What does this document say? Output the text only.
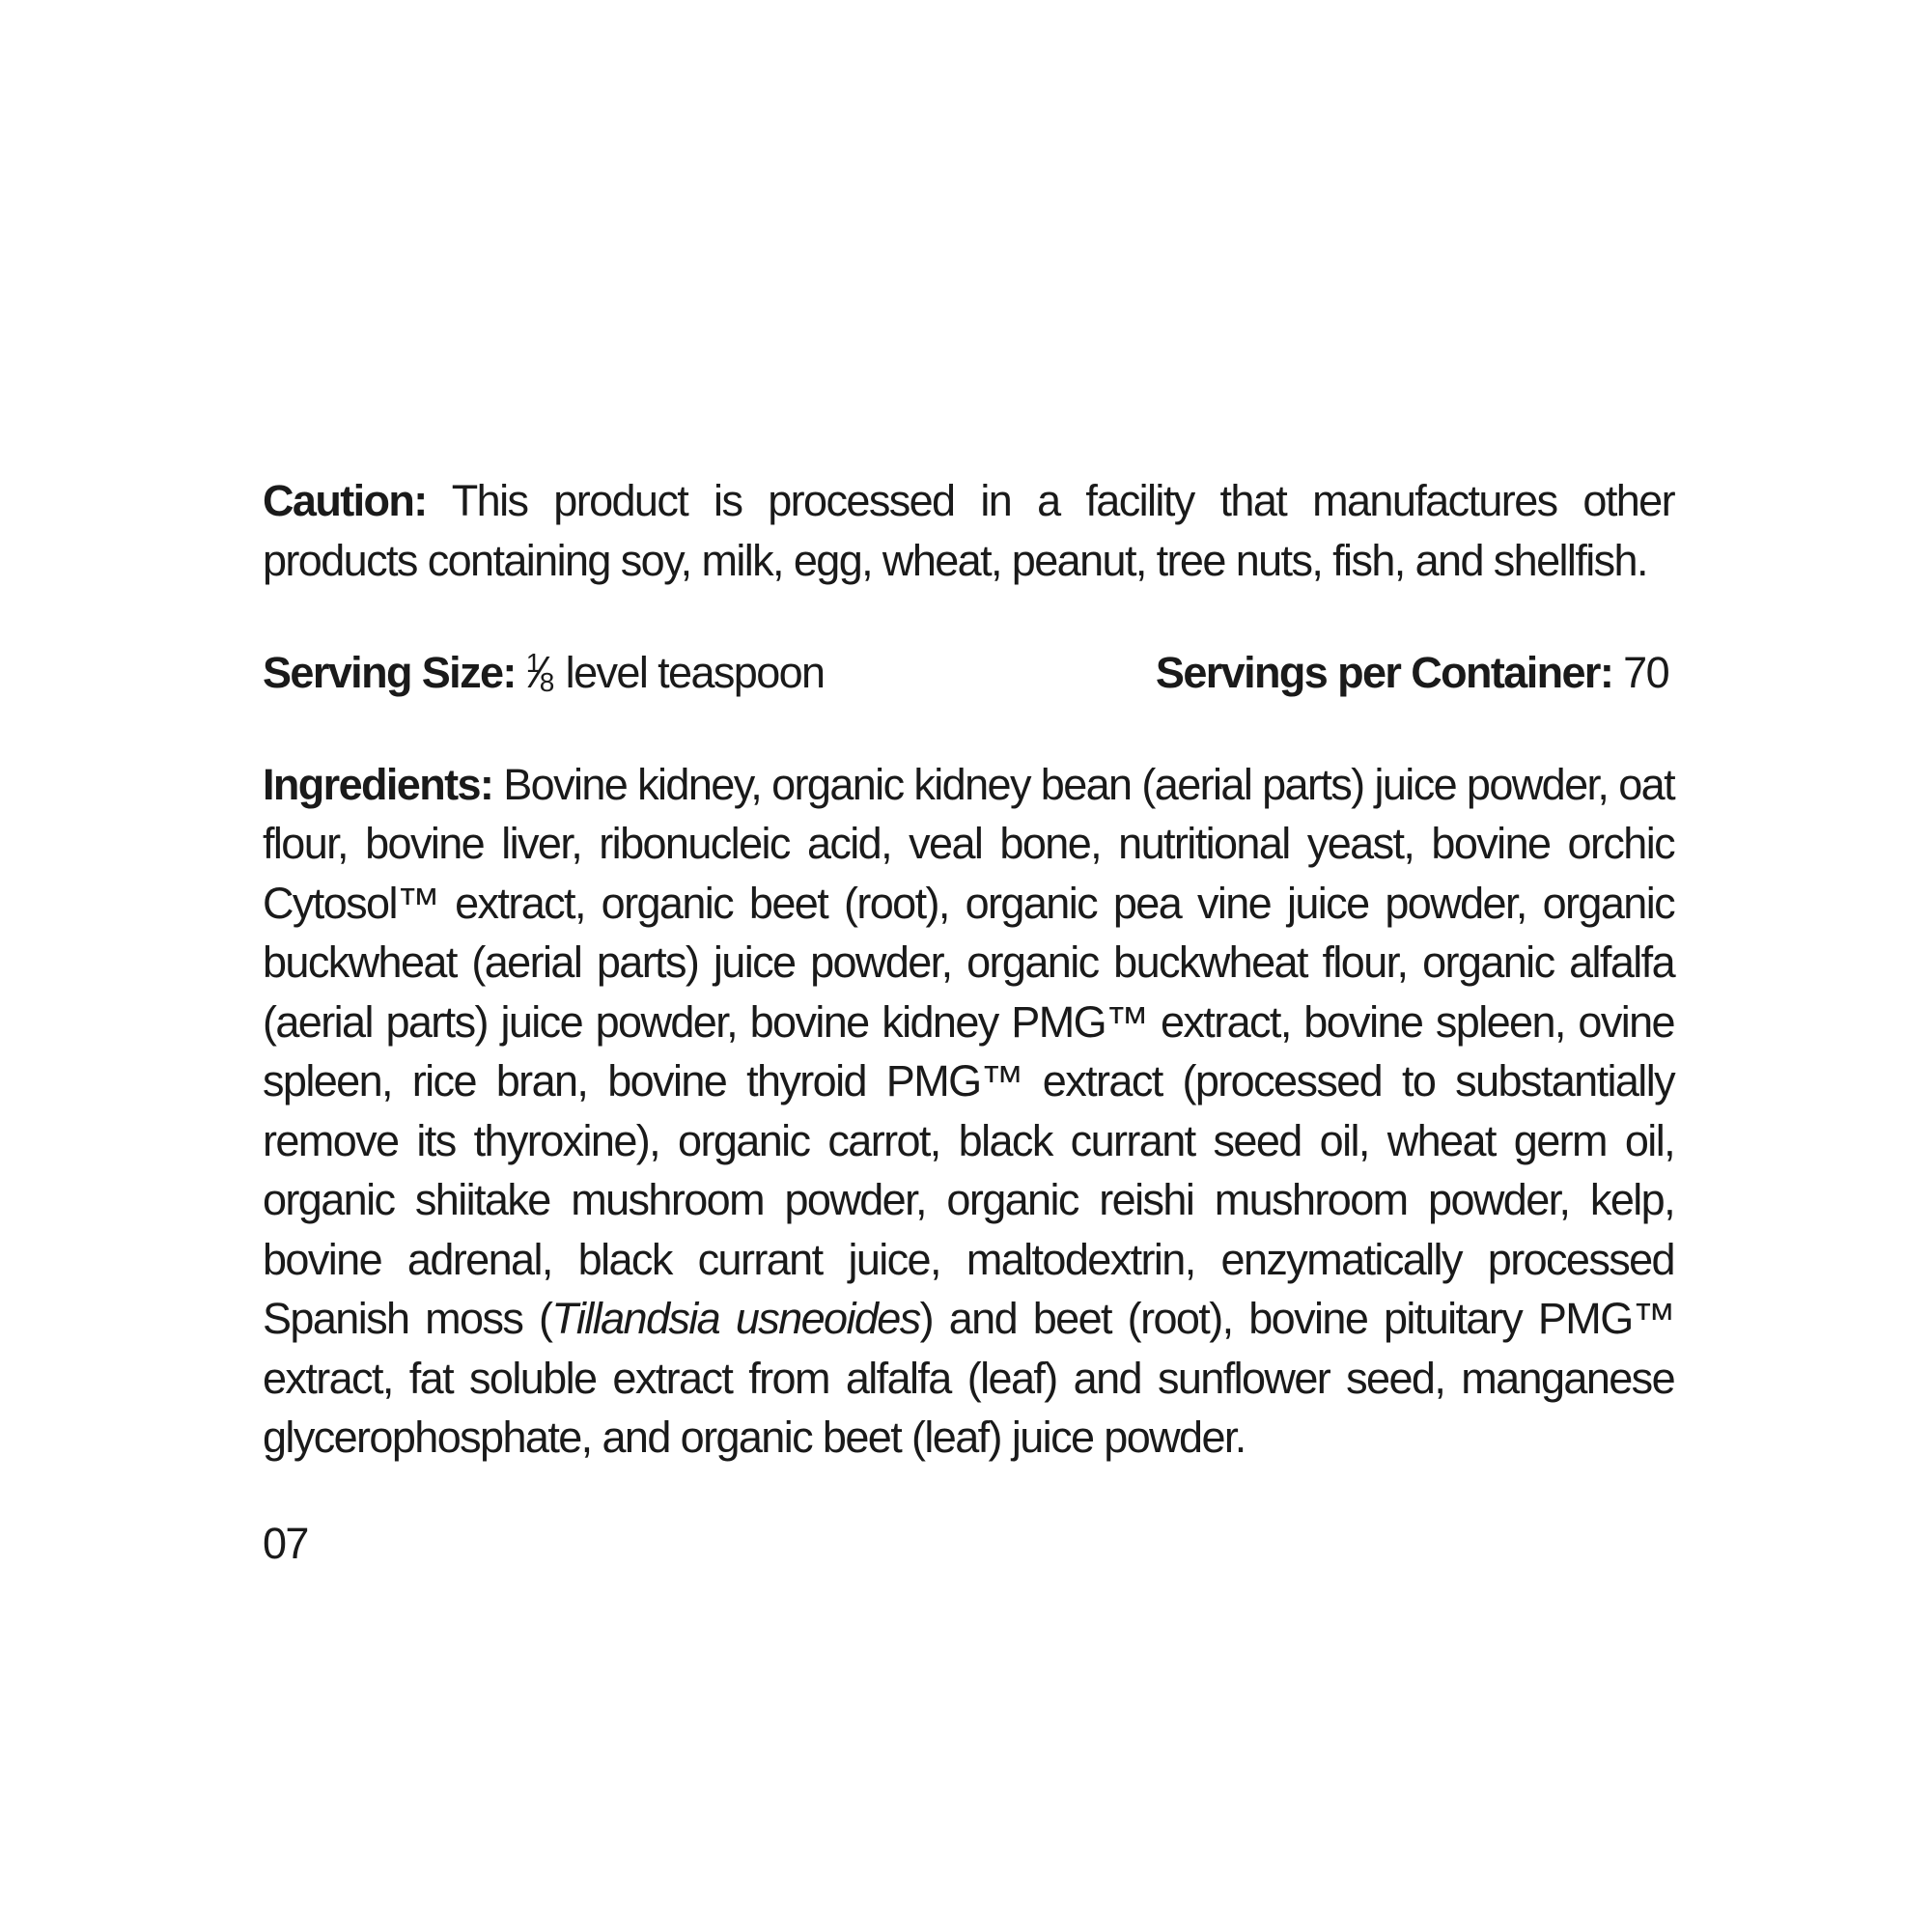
Caution: This product is processed in a facility that manufactures other products containing soy, milk, egg, wheat, peanut, tree nuts, fish, and shellfish.

Serving Size: $^1$⁄8 level teaspoon	Servings per Container: 70

Ingredients: Bovine kidney, organic kidney bean (aerial parts) juice powder, oat flour, bovine liver, ribonucleic acid, veal bone, nutritional yeast, bovine orchic Cytosol™ extract, organic beet (root), organic pea vine juice powder, organic buckwheat (aerial parts) juice powder, organic buckwheat flour, organic alfalfa (aerial parts) juice powder, bovine kidney PMG™ extract, bovine spleen, ovine spleen, rice bran, bovine thyroid PMG™ extract (processed to substantially remove its thyroxine), organic carrot, black currant seed oil, wheat germ oil, organic shiitake mushroom powder, organic reishi mushroom powder, kelp, bovine adrenal, black currant juice, maltodextrin, enzymatically processed Spanish moss (Tillandsia usneoides) and beet (root), bovine pituitary PMG™ extract, fat soluble extract from alfalfa (leaf) and sunflower seed, manganese glycerophosphate, and organic beet (leaf) juice powder.

07
